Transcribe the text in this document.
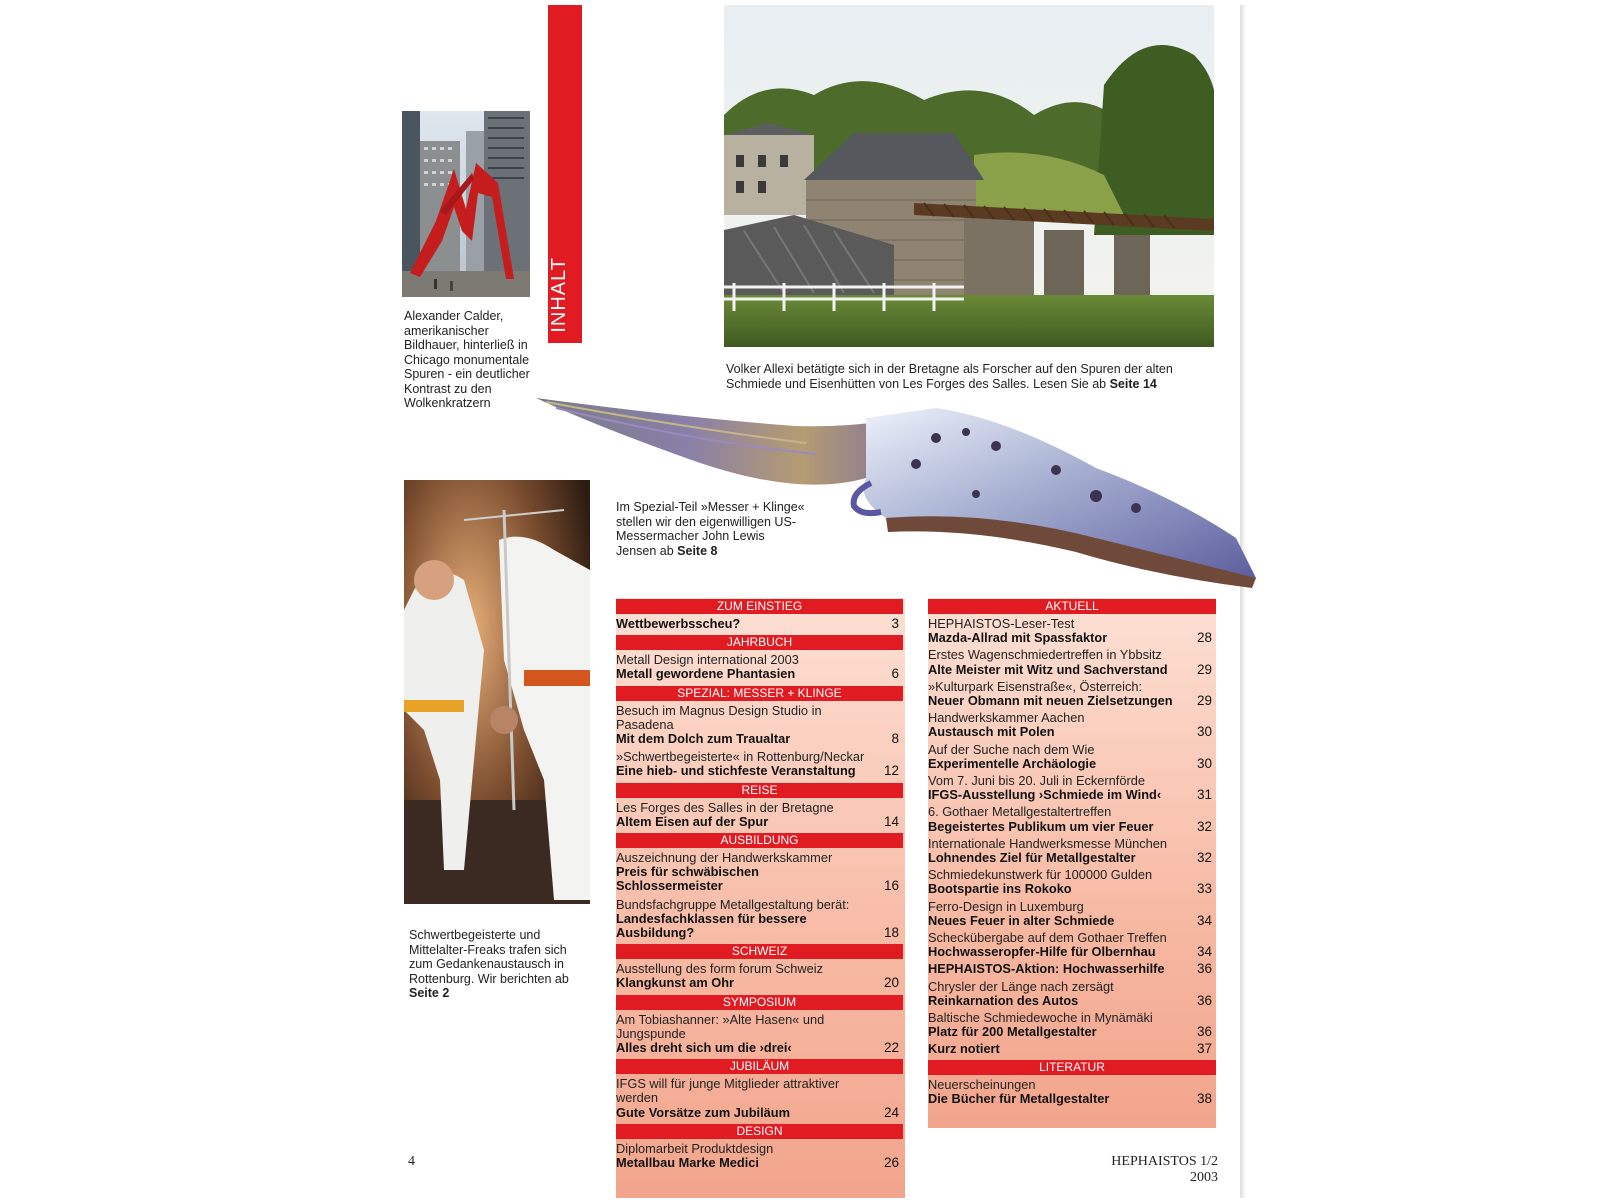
INHALT
Alexander Calder, amerikanischer Bildhauer, hinterließ in Chicago monumentale Spuren - ein deutlicher Kontrast zu den Wolkenkratzern
Volker Allexi betätigte sich in der Bretagne als Forscher auf den Spuren der alten Schmiede und Eisenhütten von Les Forges des Salles. Lesen Sie ab Seite 14
Im Spezial-Teil »Messer + Klinge« stellen wir den eigenwilligen US-Messermacher John Lewis Jensen ab Seite 8
Schwertbegeisterte und Mittelalter-Freaks trafen sich zum Gedankenaustausch in Rottenburg. Wir berichten ab Seite 2
ZUM EINSTIEG
Wettbewerbsscheu?	3
JAHRBUCH
Metall Design international 2003
Metall gewordene Phantasien	6
SPEZIAL: MESSER + KLINGE
Besuch im Magnus Design Studio in Pasadena
Mit dem Dolch zum Traualtar	8
»Schwertbegeisterte« in Rottenburg/Neckar
Eine hieb- und stichfeste Veranstaltung	12
REISE
Les Forges des Salles in der Bretagne
Altem Eisen auf der Spur	14
AUSBILDUNG
Auszeichnung der Handwerkskammer
Preis für schwäbischen Schlossermeister	16
Bundsfachgruppe Metallgestaltung berät:
Landesfachklassen für bessere Ausbildung?	18
SCHWEIZ
Ausstellung des form forum Schweiz
Klangkunst am Ohr	20
SYMPOSIUM
Am Tobiashanner: »Alte Hasen« und Jungspunde
Alles dreht sich um die ›drei‹	22
JUBILÄUM
IFGS will für junge Mitglieder attraktiver werden
Gute Vorsätze zum Jubiläum	24
DESIGN
Diplomarbeit Produktdesign
Metallbau Marke Medici	26
AKTUELL
HEPHAISTOS-Leser-Test
Mazda-Allrad mit Spassfaktor	28
Erstes Wagenschmiedertreffen in Ybbsitz
Alte Meister mit Witz und Sachverstand	29
»Kulturpark Eisenstraße«, Österreich:
Neuer Obmann mit neuen Zielsetzungen	29
Handwerkskammer Aachen
Austausch mit Polen	30
Auf der Suche nach dem Wie
Experimentelle Archäologie	30
Vom 7. Juni bis 20. Juli in Eckernförde
IFGS-Ausstellung ›Schmiede im Wind‹	31
6. Gothaer Metallgestaltertreffen
Begeistertes Publikum um vier Feuer	32
Internationale Handwerksmesse München
Lohnendes Ziel für Metallgestalter	32
Schmiedekunstwerk für 100000 Gulden
Bootspartie ins Rokoko	33
Ferro-Design in Luxemburg
Neues Feuer in alter Schmiede	34
Scheckübergabe auf dem Gothaer Treffen
Hochwasseropfer-Hilfe für Olbernhau	34
HEPHAISTOS-Aktion: Hochwasserhilfe	36
Chrysler der Länge nach zersägt
Reinkarnation des Autos	36
Baltische Schmiedewoche in Mynämäki
Platz für 200 Metallgestalter	36
Kurz notiert	37
LITERATUR
Neuerscheinungen
Die Bücher für Metallgestalter	38
4	HEPHAISTOS 1/2 2003
